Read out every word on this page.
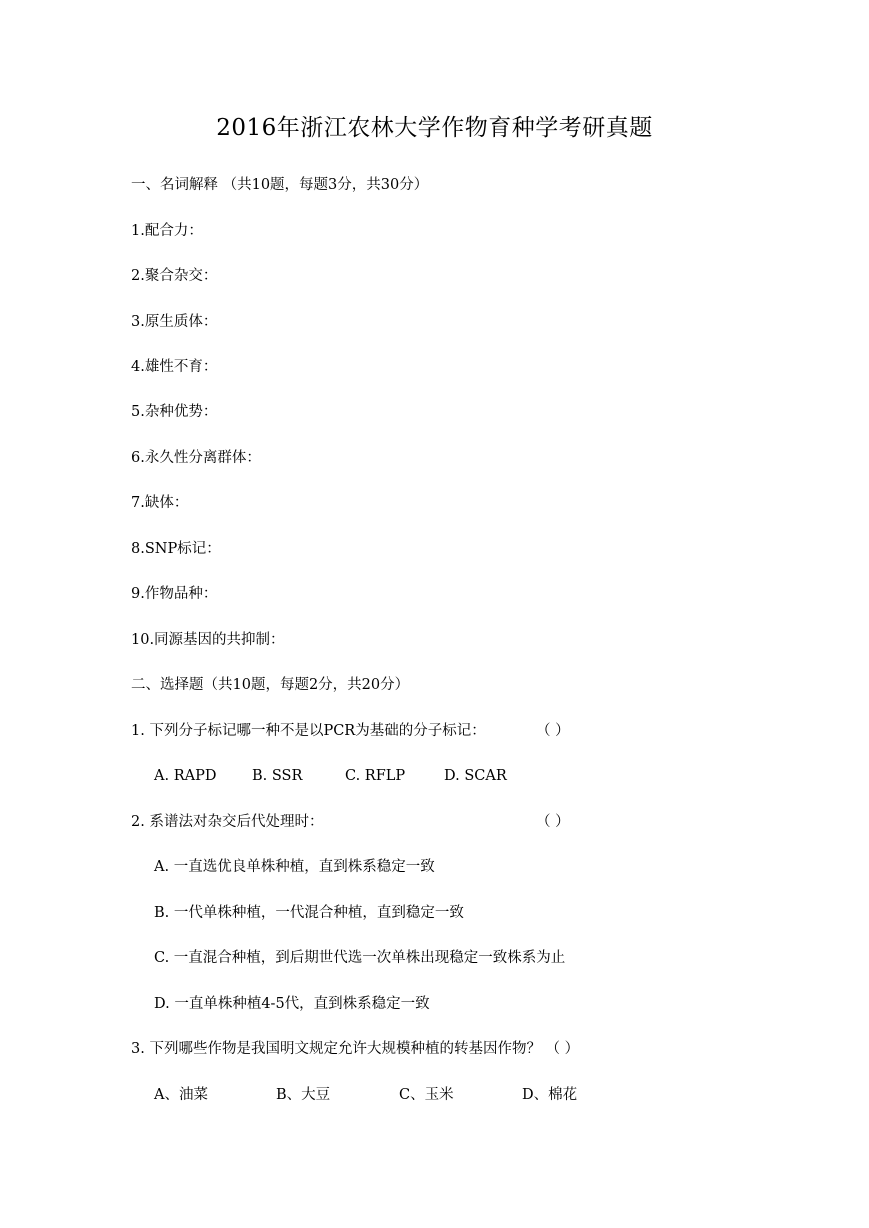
2016年浙江农林大学作物育种学考研真题
一、名词解释 （共10题，每题3分，共30分）
1.配合力：
2.聚合杂交：
3.原生质体：
4.雄性不育：
5.杂种优势：
6.永久性分离群体：
7.缺体：
8.SNP标记：
9.作物品种：
10.同源基因的共抑制：
二、选择题（共10题，每题2分，共20分）
1. 下列分子标记哪一种不是以PCR为基础的分子标记：	（ ）
A. RAPD B. SSR	C. RFLP	D. SCAR
2. 系谱法对杂交后代处理时：	（ ）
A. 一直选优良单株种植，直到株系稳定一致
B. 一代单株种植，一代混合种植，直到稳定一致
C. 一直混合种植，到后期世代选一次单株出现稳定一致株系为止
D. 一直单株种植4-5代，直到株系稳定一致
3. 下列哪些作物是我国明文规定允许大规模种植的转基因作物？ （ ）
A、油菜	B、大豆	C、玉米	D、棉花
